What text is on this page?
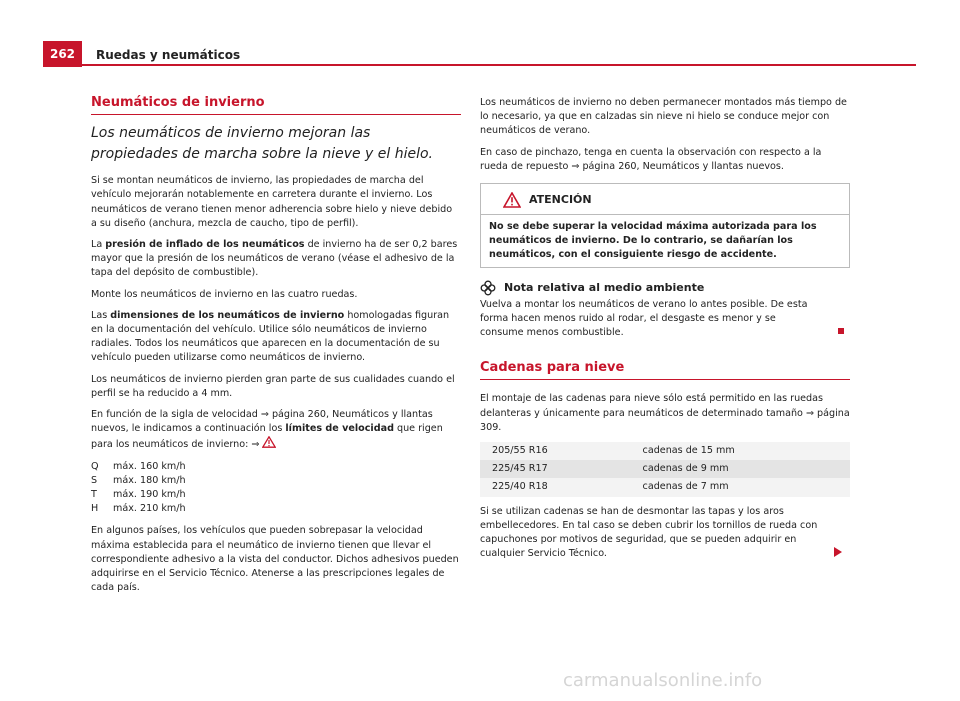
262	Ruedas y neumáticos
Neumáticos de invierno
Los neumáticos de invierno mejoran las propiedades de marcha sobre la nieve y el hielo.

Si se montan neumáticos de invierno, las propiedades de marcha del vehículo mejorarán notablemente en carretera durante el invierno. Los neumáticos de verano tienen menor adherencia sobre hielo y nieve debido a su diseño (anchura, mezcla de caucho, tipo de perfil).

La presión de inflado de los neumáticos de invierno ha de ser 0,2 bares mayor que la presión de los neumáticos de verano (véase el adhesivo de la tapa del depósito de combustible).

Monte los neumáticos de invierno en las cuatro ruedas.

Las dimensiones de los neumáticos de invierno homologadas figuran en la documentación del vehículo. Utilice sólo neumáticos de invierno radiales. Todos los neumáticos que aparecen en la documentación de su vehículo pueden utilizarse como neumáticos de invierno.

Los neumáticos de invierno pierden gran parte de sus cualidades cuando el perfil se ha reducido a 4 mm.

En función de la sigla de velocidad ⇒ página 260, Neumáticos y llantas nuevos, le indicamos a continuación los límites de velocidad que rigen para los neumáticos de invierno: ⇒

Q	máx. 160 km/h
S	máx. 180 km/h
T	máx. 190 km/h
H	máx. 210 km/h

En algunos países, los vehículos que pueden sobrepasar la velocidad máxima establecida para el neumático de invierno tienen que llevar el correspondiente adhesivo a la vista del conductor. Dichos adhesivos pueden adquirirse en el Servicio Técnico. Atenerse a las prescripciones legales de cada país.

Los neumáticos de invierno no deben permanecer montados más tiempo de lo necesario, ya que en calzadas sin nieve ni hielo se conduce mejor con neumáticos de verano.

En caso de pinchazo, tenga en cuenta la observación con respecto a la rueda de repuesto ⇒ página 260, Neumáticos y llantas nuevos.

ATENCIÓN
No se debe superar la velocidad máxima autorizada para los neumáticos de invierno. De lo contrario, se dañarían los neumáticos, con el consiguiente riesgo de accidente.
Nota relativa al medio ambiente

Vuelva a montar los neumáticos de verano lo antes posible. De esta forma hacen menos ruido al rodar, el desgaste es menor y se consume menos combustible.

Cadenas para nieve

El montaje de las cadenas para nieve sólo está permitido en las ruedas delanteras y únicamente para neumáticos de determinado tamaño ⇒ página 309.

205/55 R16	cadenas de 15 mm
225/45 R17	cadenas de 9 mm
225/40 R18	cadenas de 7 mm

Si se utilizan cadenas se han de desmontar las tapas y los aros embellecedores. En tal caso se deben cubrir los tornillos de rueda con capuchones por motivos de seguridad, que se pueden adquirir en cualquier Servicio Técnico.

carmanualsonline.info
